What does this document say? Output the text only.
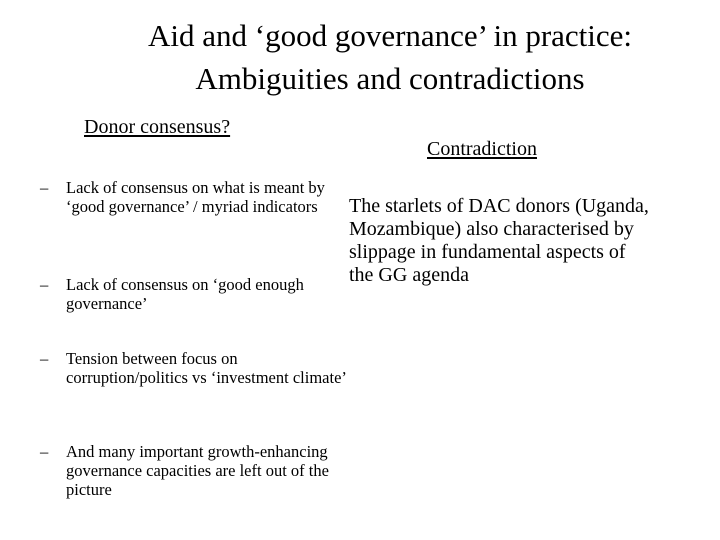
Aid and ‘good governance’ in practice:
Ambiguities and contradictions
Donor consensus?
Contradiction
– Lack of consensus on what is meant by ‘good governance’ / myriad indicators
– Lack of consensus on ‘good enough governance’
– Tension between focus on corruption/politics vs ‘investment climate’
– And many important growth-enhancing governance capacities are left out of the picture
The starlets of DAC donors (Uganda, Mozambique) also characterised by slippage in fundamental aspects of the GG agenda
